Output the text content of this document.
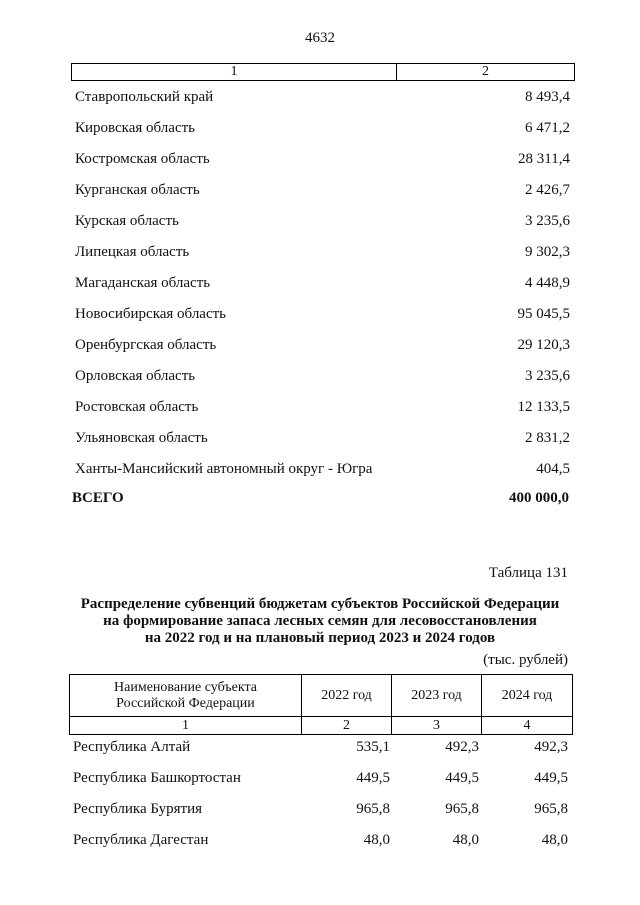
4632
1	2
Ставропольский край	8 493,4
Кировская область	6 471,2
Костромская область	28 311,4
Курганская область	2 426,7
Курская область	3 235,6
Липецкая область	9 302,3
Магаданская область	4 448,9
Новосибирская область	95 045,5
Оренбургская область	29 120,3
Орловская область	3 235,6
Ростовская область	12 133,5
Ульяновская область	2 831,2
Ханты-Мансийский автономный округ - Югра	404,5
ВСЕГО	400 000,0
Таблица 131
Распределение субвенций бюджетам субъектов Российской Федерации
на формирование запаса лесных семян для лесовосстановления
на 2022 год и на плановый период 2023 и 2024 годов
(тыс. рублей)
Наименование субъекта
Российской Федерации
2022 год	2023 год	2024 год
1	2	3	4
Республика Алтай	535,1	492,3	492,3
Республика Башкортостан	449,5	449,5	449,5
Республика Бурятия	965,8	965,8	965,8
Республика Дагестан	48,0	48,0	48,0
